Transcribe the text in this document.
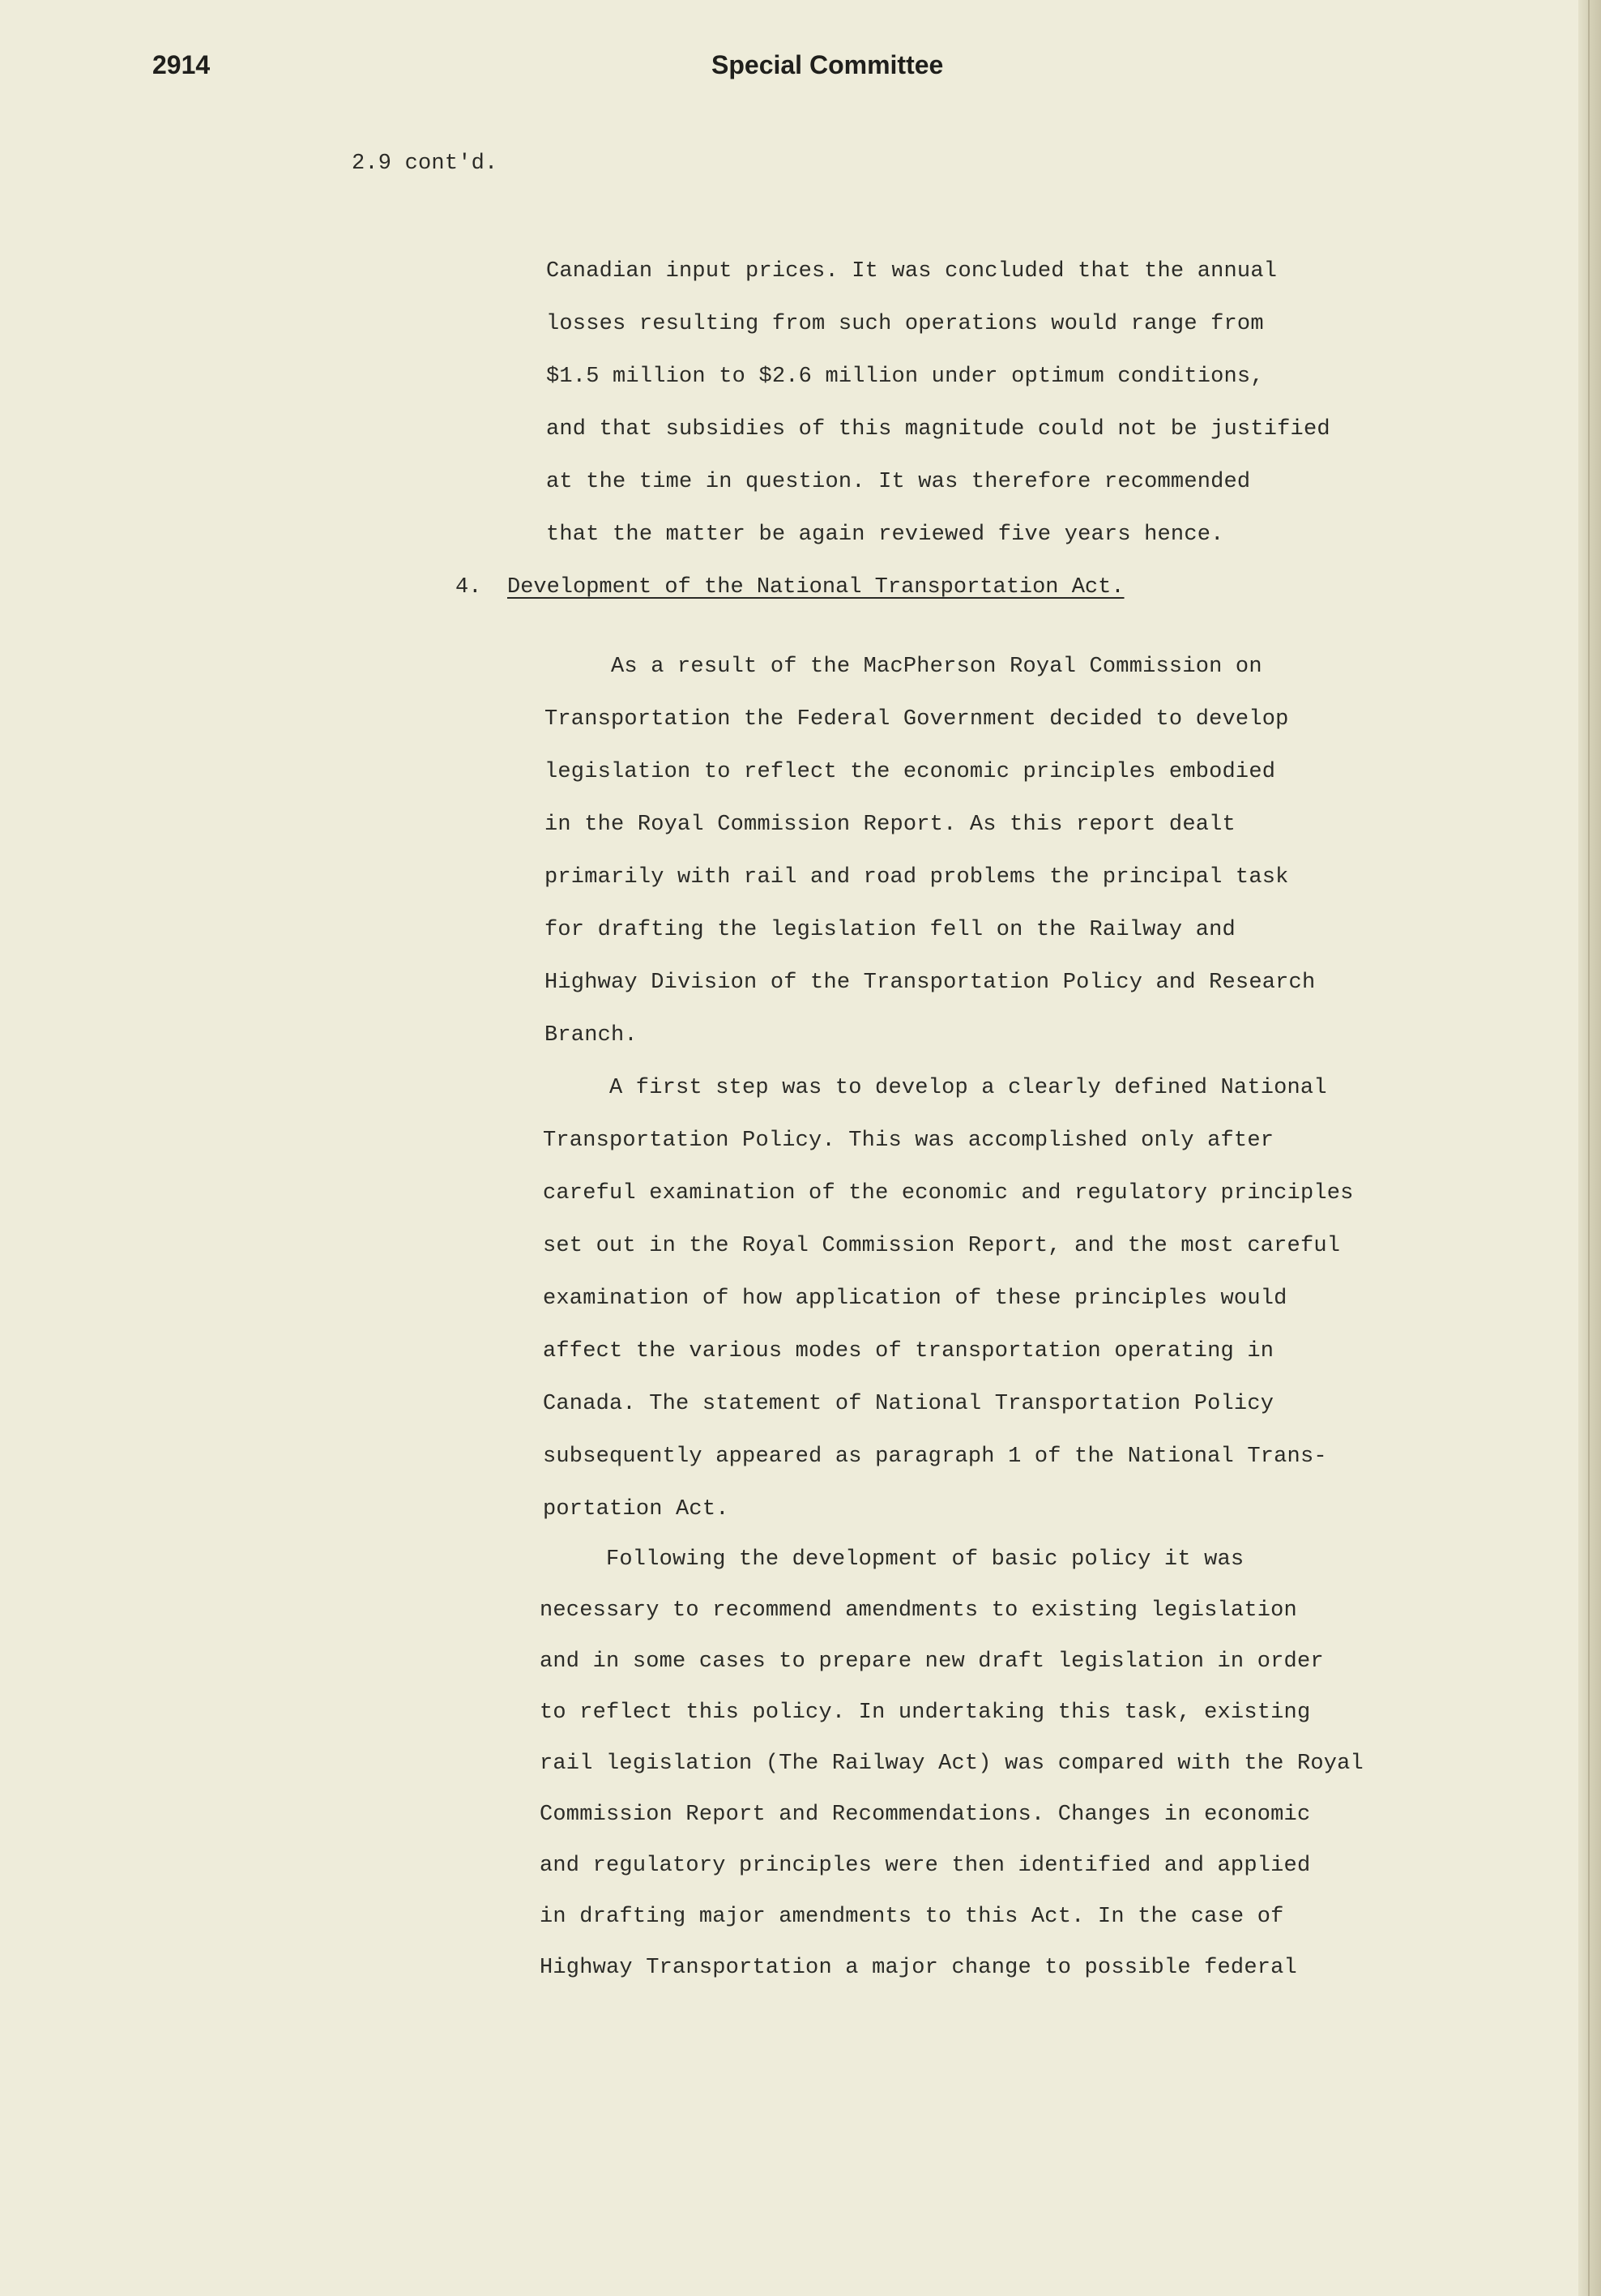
2914	Special Committee
2.9 cont'd.
Canadian input prices. It was concluded that the annual
losses resulting from such operations would range from
$1.5 million to $2.6 million under optimum conditions,
and that subsidies of this magnitude could not be justified
at the time in question. It was therefore recommended
that the matter be again reviewed five years hence.
4. Development of the National Transportation Act.
As a result of the MacPherson Royal Commission on
Transportation the Federal Government decided to develop
legislation to reflect the economic principles embodied
in the Royal Commission Report. As this report dealt
primarily with rail and road problems the principal task
for drafting the legislation fell on the Railway and
Highway Division of the Transportation Policy and Research
Branch.
A first step was to develop a clearly defined National
Transportation Policy. This was accomplished only after
careful examination of the economic and regulatory principles
set out in the Royal Commission Report, and the most careful
examination of how application of these principles would
affect the various modes of transportation operating in
Canada. The statement of National Transportation Policy
subsequently appeared as paragraph 1 of the National Trans-
portation Act.
Following the development of basic policy it was
necessary to recommend amendments to existing legislation
and in some cases to prepare new draft legislation in order
to reflect this policy. In undertaking this task, existing
rail legislation (The Railway Act) was compared with the Royal
Commission Report and Recommendations. Changes in economic
and regulatory principles were then identified and applied
in drafting major amendments to this Act. In the case of
Highway Transportation a major change to possible federal
